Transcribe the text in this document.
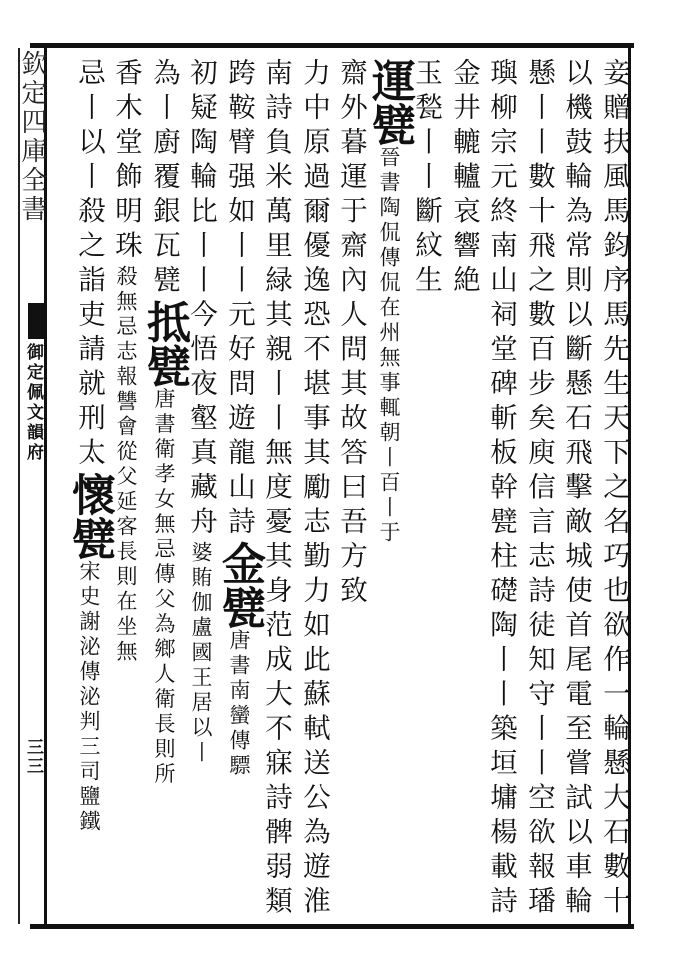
欽定四庫全書
御定佩文韻府
三三	妾贈扶風馬鈞序馬先生天下之名巧也欲作一輪懸大石數十
以機鼓輪為常則以斷懸石飛擊敵城使首尾電至嘗試以車輪
懸丨丨數十飛之數百步矣庾信言志詩徒知守丨丨空欲報璠
璵柳宗元終南山祠堂碑斬板幹甓柱礎陶丨丨築垣墉楊載詩
金井轆轤哀響絶
玉甃丨丨斷紋生
運甓晉書陶侃傳侃在州無事輒朝丨百丨于
齋外暮運于齋內人問其故答曰吾方致
力中原過爾優逸恐不堪事其勵志勤力如此蘇軾送公為遊淮
南詩負米萬里緑其親丨丨無度憂其身范成大不寐詩髀弱類
跨鞍臂强如丨丨元好問遊龍山詩金甓唐書南蠻傳驃
初疑陶輪比丨丨今悟夜壑真藏舟婆賄伽盧國王居以丨
為丨廚覆銀瓦甓抵甓唐書衛孝女無忌傳父為鄉人衛長則所
香木堂飾明珠殺無忌志報讐會從父延客長則在坐無
忌丨以丨殺之詣吏請就刑太懷甓宋史謝泌傳泌判三司鹽鐵
